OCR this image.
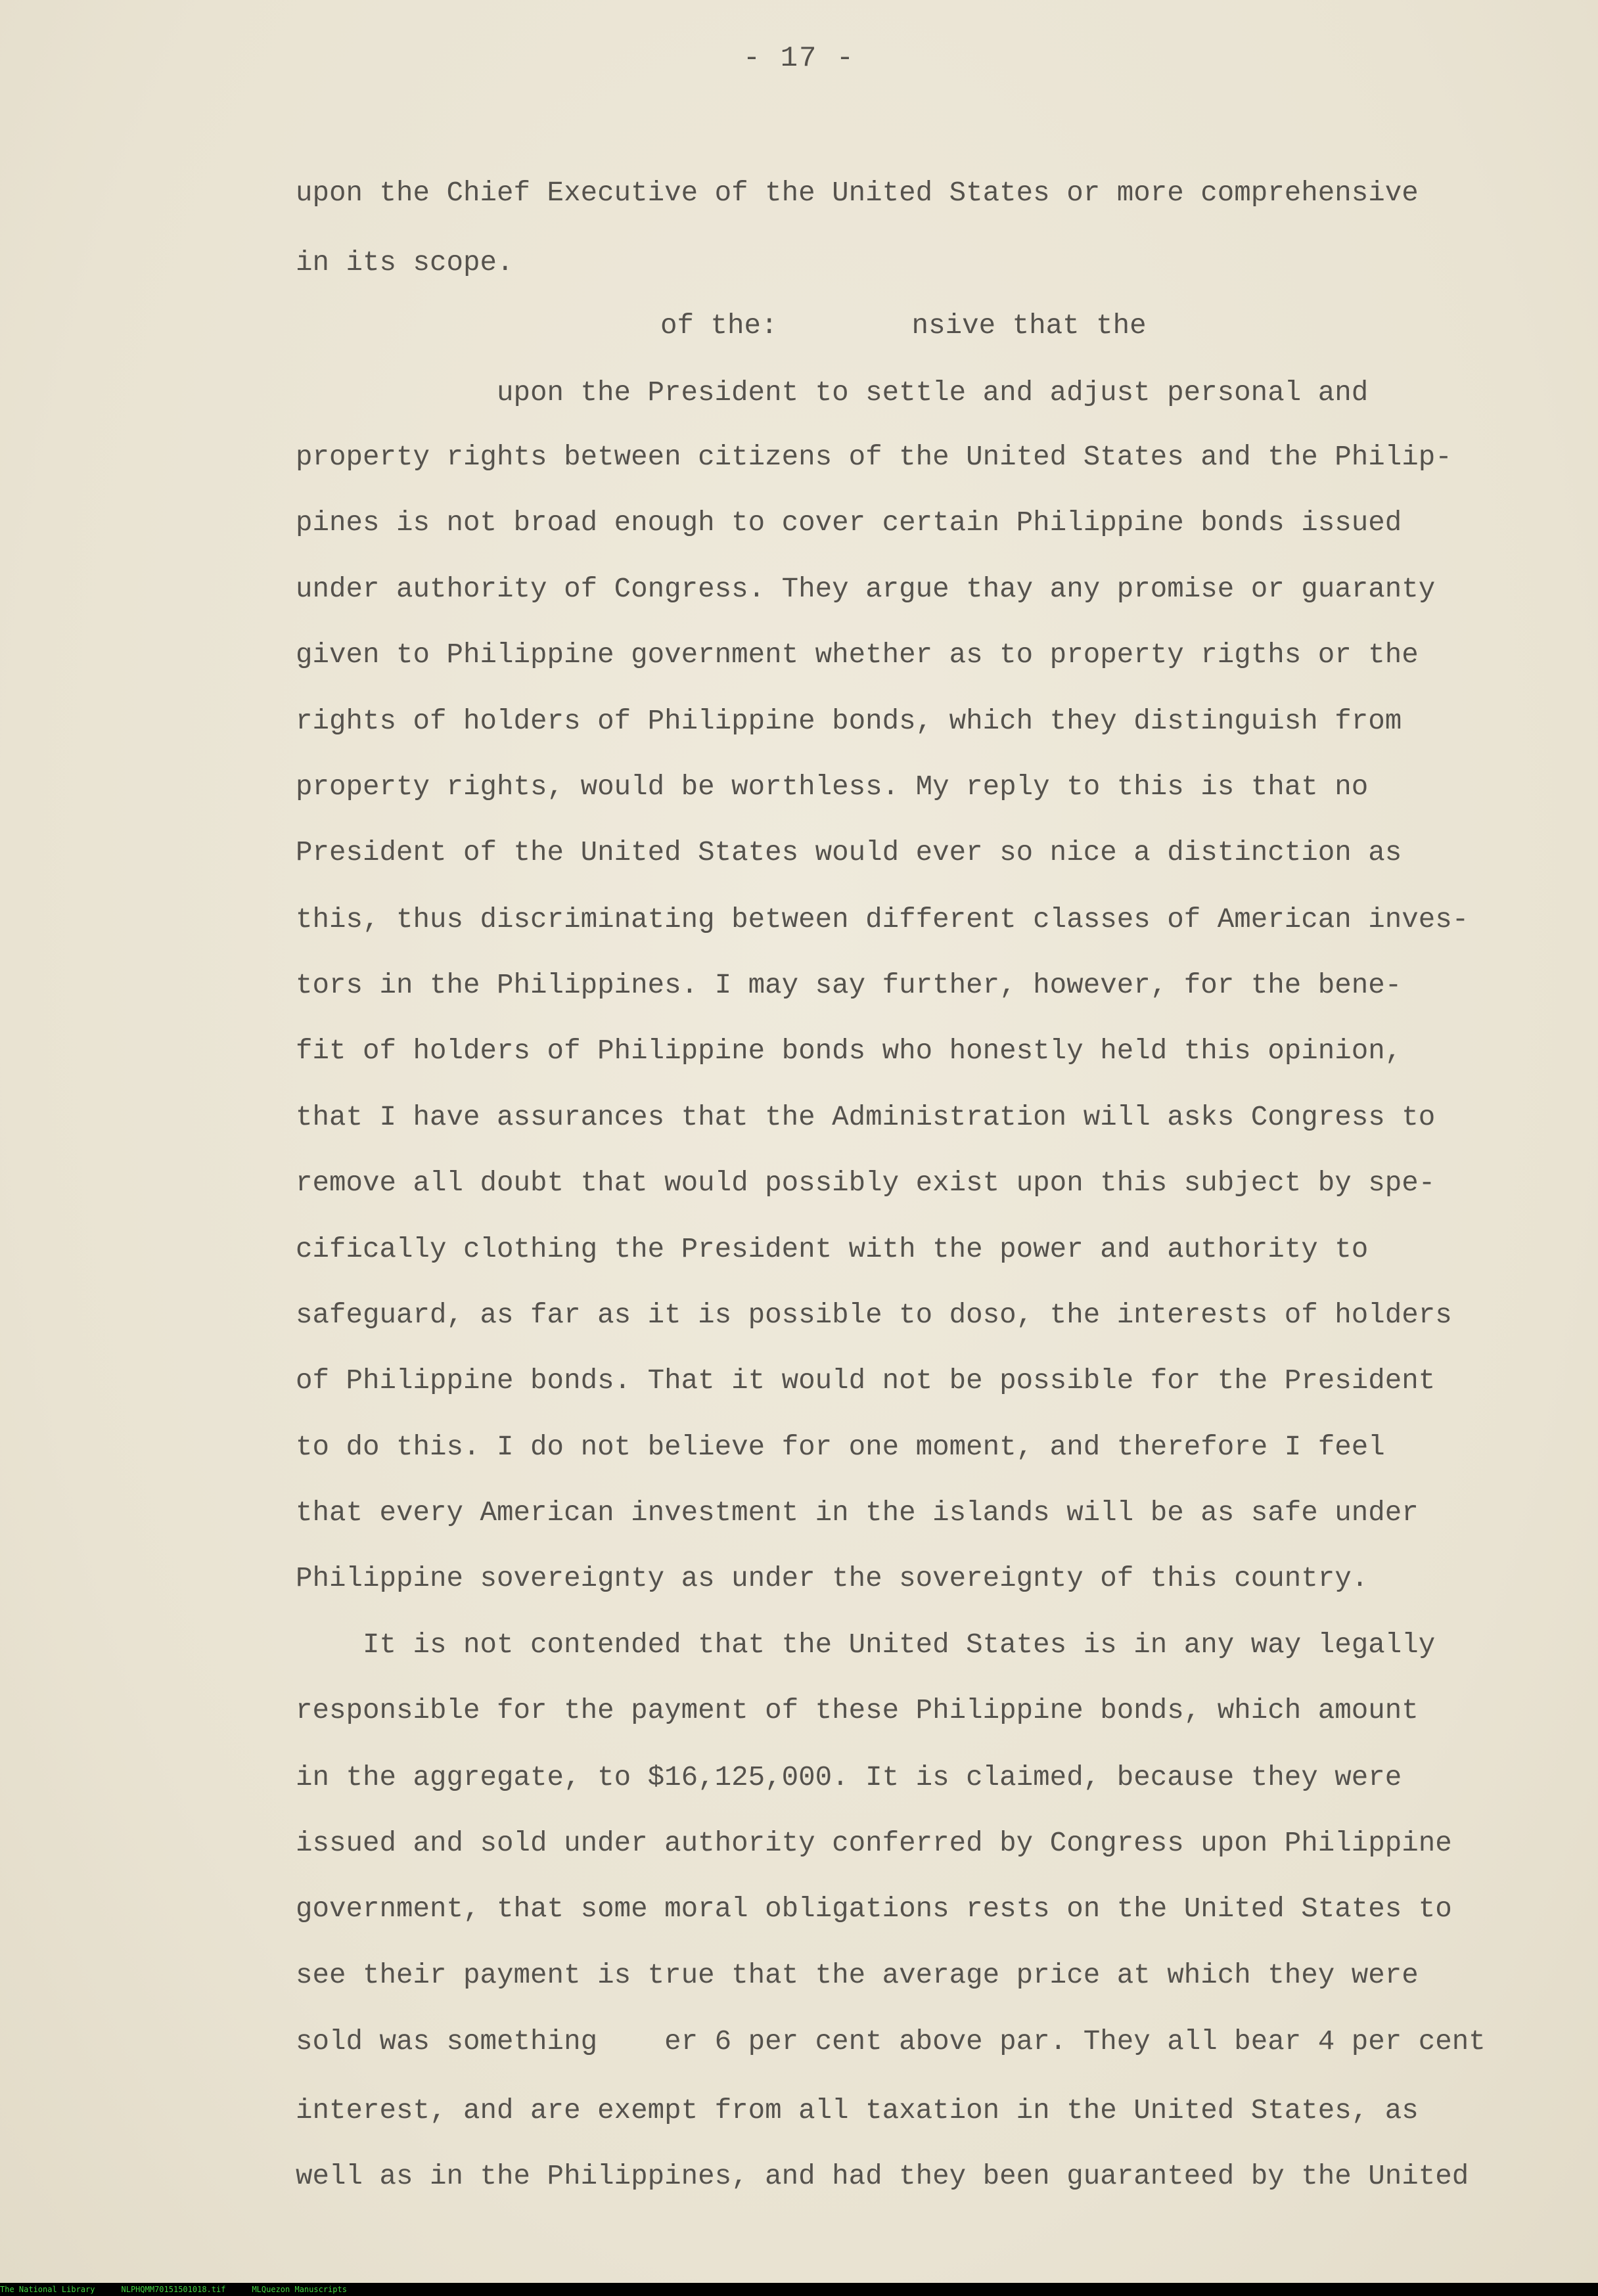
- 17 -
upon the Chief Executive of the United States or more comprehensive
in its scope.
of the:        nsive that the
upon the President to settle and adjust personal and
property rights between citizens of the United States and the Philip-
pines is not broad enough to cover certain Philippine bonds issued
under authority of Congress. They argue thay any promise or guaranty
given to Philippine government whether as to property rigths or the
rights of holders of Philippine bonds, which they distinguish from
property rights, would be worthless. My reply to this is that no
President of the United States would ever so nice a distinction as
this, thus discriminating between different classes of American inves-
tors in the Philippines. I may say further, however, for the bene-
fit of holders of Philippine bonds who honestly held this opinion,
that I have assurances that the Administration will asks Congress to
remove all doubt that would possibly exist upon this subject by spe-
cifically clothing the President with the power and authority to
safeguard, as far as it is possible to doso, the interests of holders
of Philippine bonds. That it would not be possible for the President
to do this. I do not believe for one moment, and therefore I feel
that every American investment in the islands will be as safe under
Philippine sovereignty as under the sovereignty of this country.
It is not contended that the United States is in any way legally
responsible for the payment of these Philippine bonds, which amount
in the aggregate, to $16,125,000. It is claimed, because they were
issued and sold under authority conferred by Congress upon Philippine
government, that some moral obligations rests on the United States to
see their payment is true that the average price at which they were
sold was something    er 6 per cent above par. They all bear 4 per cent
interest, and are exempt from all taxation in the United States, as
well as in the Philippines, and had they been guaranteed by the United
The National Library	NLPHQMM70151501018.tif	MLQuezon Manuscripts
